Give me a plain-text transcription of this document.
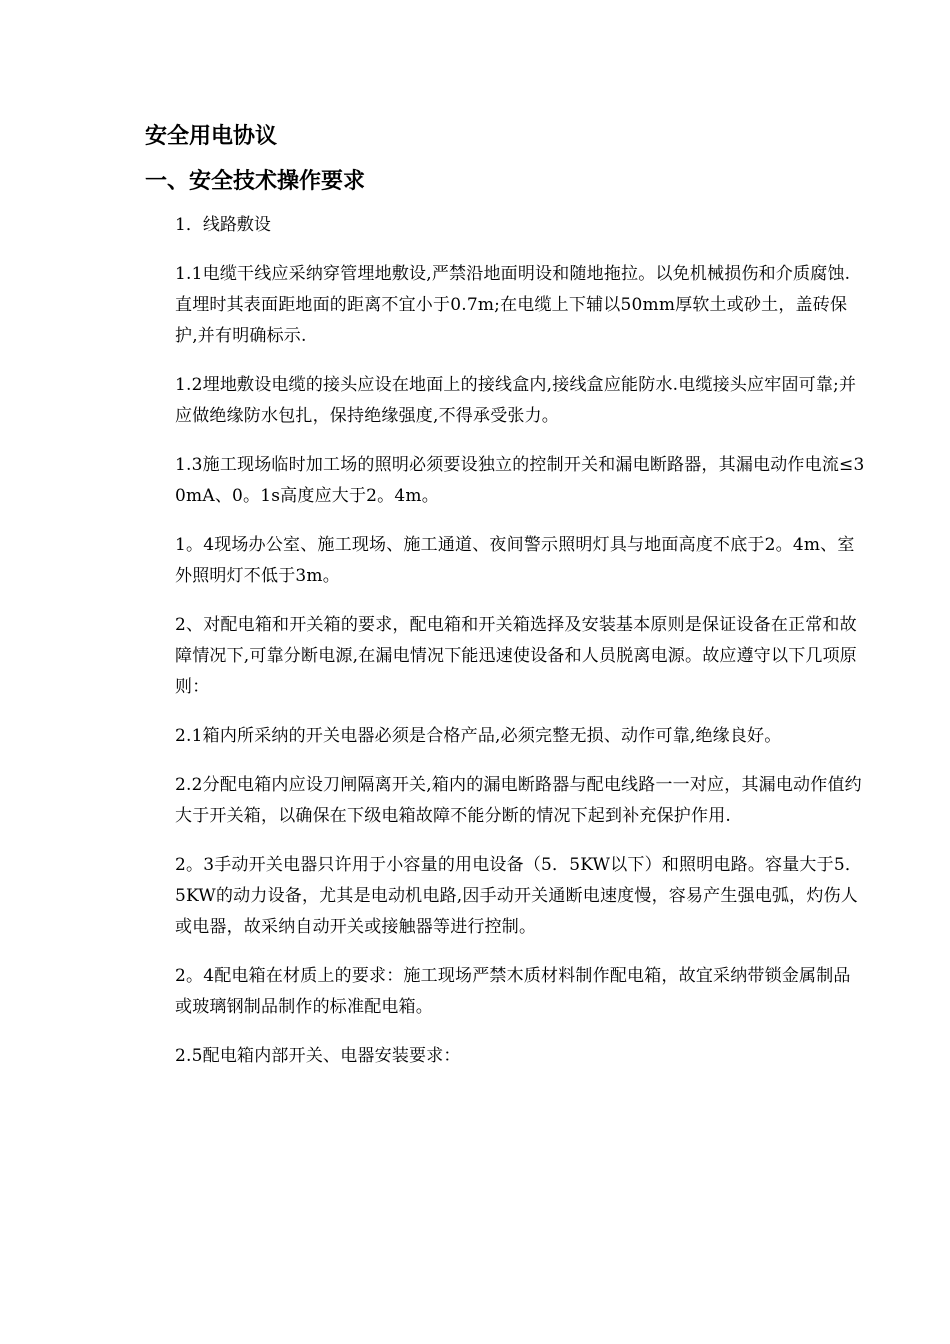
安全用电协议
一、安全技术操作要求

1．线路敷设

1.1电缆干线应采纳穿管埋地敷设,严禁沿地面明设和随地拖拉。以免机械损伤和介质腐蚀.直埋时其表面距地面的距离不宜小于0.7m;在电缆上下辅以50mm厚软土或砂土，盖砖保护,并有明确标示.

1.2埋地敷设电缆的接头应设在地面上的接线盒内,接线盒应能防水.电缆接头应牢固可靠;并应做绝缘防水包扎，保持绝缘强度,不得承受张力。

1.3施工现场临时加工场的照明必须要设独立的控制开关和漏电断路器，其漏电动作电流≤30mA、0。1s高度应大于2。4m。

1。4现场办公室、施工现场、施工通道、夜间警示照明灯具与地面高度不底于2。4m、室外照明灯不低于3m。

2、对配电箱和开关箱的要求，配电箱和开关箱选择及安装基本原则是保证设备在正常和故障情况下,可靠分断电源,在漏电情况下能迅速使设备和人员脱离电源。故应遵守以下几项原则：

2.1箱内所采纳的开关电器必须是合格产品,必须完整无损、动作可靠,绝缘良好。

2.2分配电箱内应设刀闸隔离开关,箱内的漏电断路器与配电线路一一对应，其漏电动作值约大于开关箱，以确保在下级电箱故障不能分断的情况下起到补充保护作用.

2。3手动开关电器只许用于小容量的用电设备（5．5KW以下）和照明电路。容量大于5．5KW的动力设备，尤其是电动机电路,因手动开关通断电速度慢，容易产生强电弧，灼伤人或电器，故采纳自动开关或接触器等进行控制。

2。4配电箱在材质上的要求：施工现场严禁木质材料制作配电箱，故宜采纳带锁金属制品或玻璃钢制品制作的标准配电箱。

2.5配电箱内部开关、电器安装要求：
